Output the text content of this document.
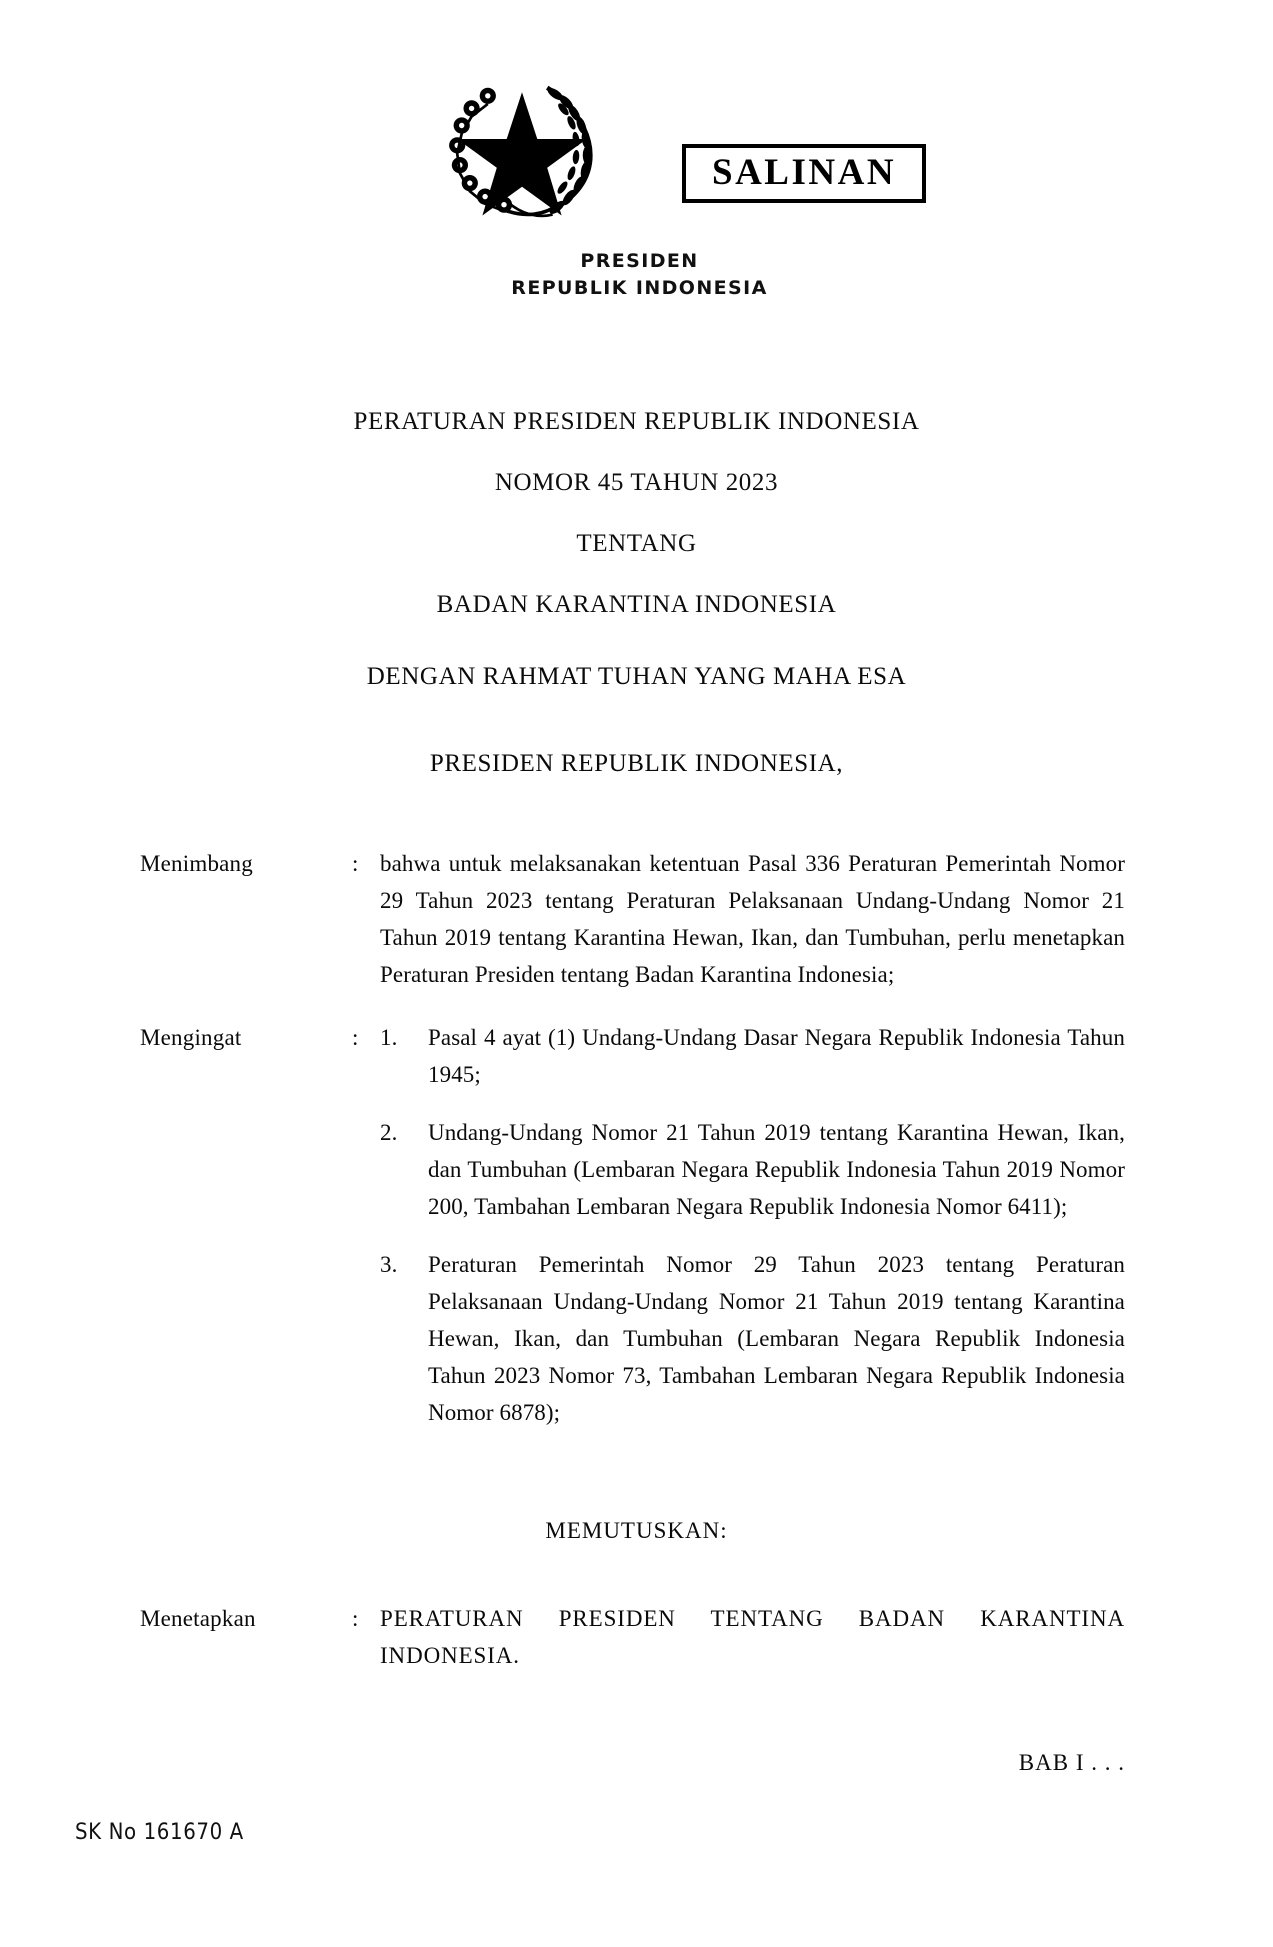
SALINAN
PRESIDEN
REPUBLIK INDONESIA
PERATURAN PRESIDEN REPUBLIK INDONESIA
NOMOR 45 TAHUN 2023
TENTANG
BADAN KARANTINA INDONESIA
DENGAN RAHMAT TUHAN YANG MAHA ESA
PRESIDEN REPUBLIK INDONESIA,
Menimbang	: bahwa untuk melaksanakan ketentuan Pasal 336 Peraturan Pemerintah Nomor 29 Tahun 2023 tentang Peraturan Pelaksanaan Undang-Undang Nomor 21 Tahun 2019 tentang Karantina Hewan, Ikan, dan Tumbuhan, perlu menetapkan Peraturan Presiden tentang Badan Karantina Indonesia;
Mengingat	: 1.	Pasal 4 ayat (1) Undang-Undang Dasar Negara Republik Indonesia Tahun 1945;
2.	Undang-Undang Nomor 21 Tahun 2019 tentang Karantina Hewan, Ikan, dan Tumbuhan (Lembaran Negara Republik Indonesia Tahun 2019 Nomor 200, Tambahan Lembaran Negara Republik Indonesia Nomor 6411);
3.	Peraturan Pemerintah Nomor 29 Tahun 2023 tentang Peraturan Pelaksanaan Undang-Undang Nomor 21 Tahun 2019 tentang Karantina Hewan, Ikan, dan Tumbuhan (Lembaran Negara Republik Indonesia Tahun 2023 Nomor 73, Tambahan Lembaran Negara Republik Indonesia Nomor 6878);
MEMUTUSKAN:
Menetapkan	: PERATURAN PRESIDEN TENTANG BADAN KARANTINA INDONESIA.
BAB I . . .
SK No 161670 A
